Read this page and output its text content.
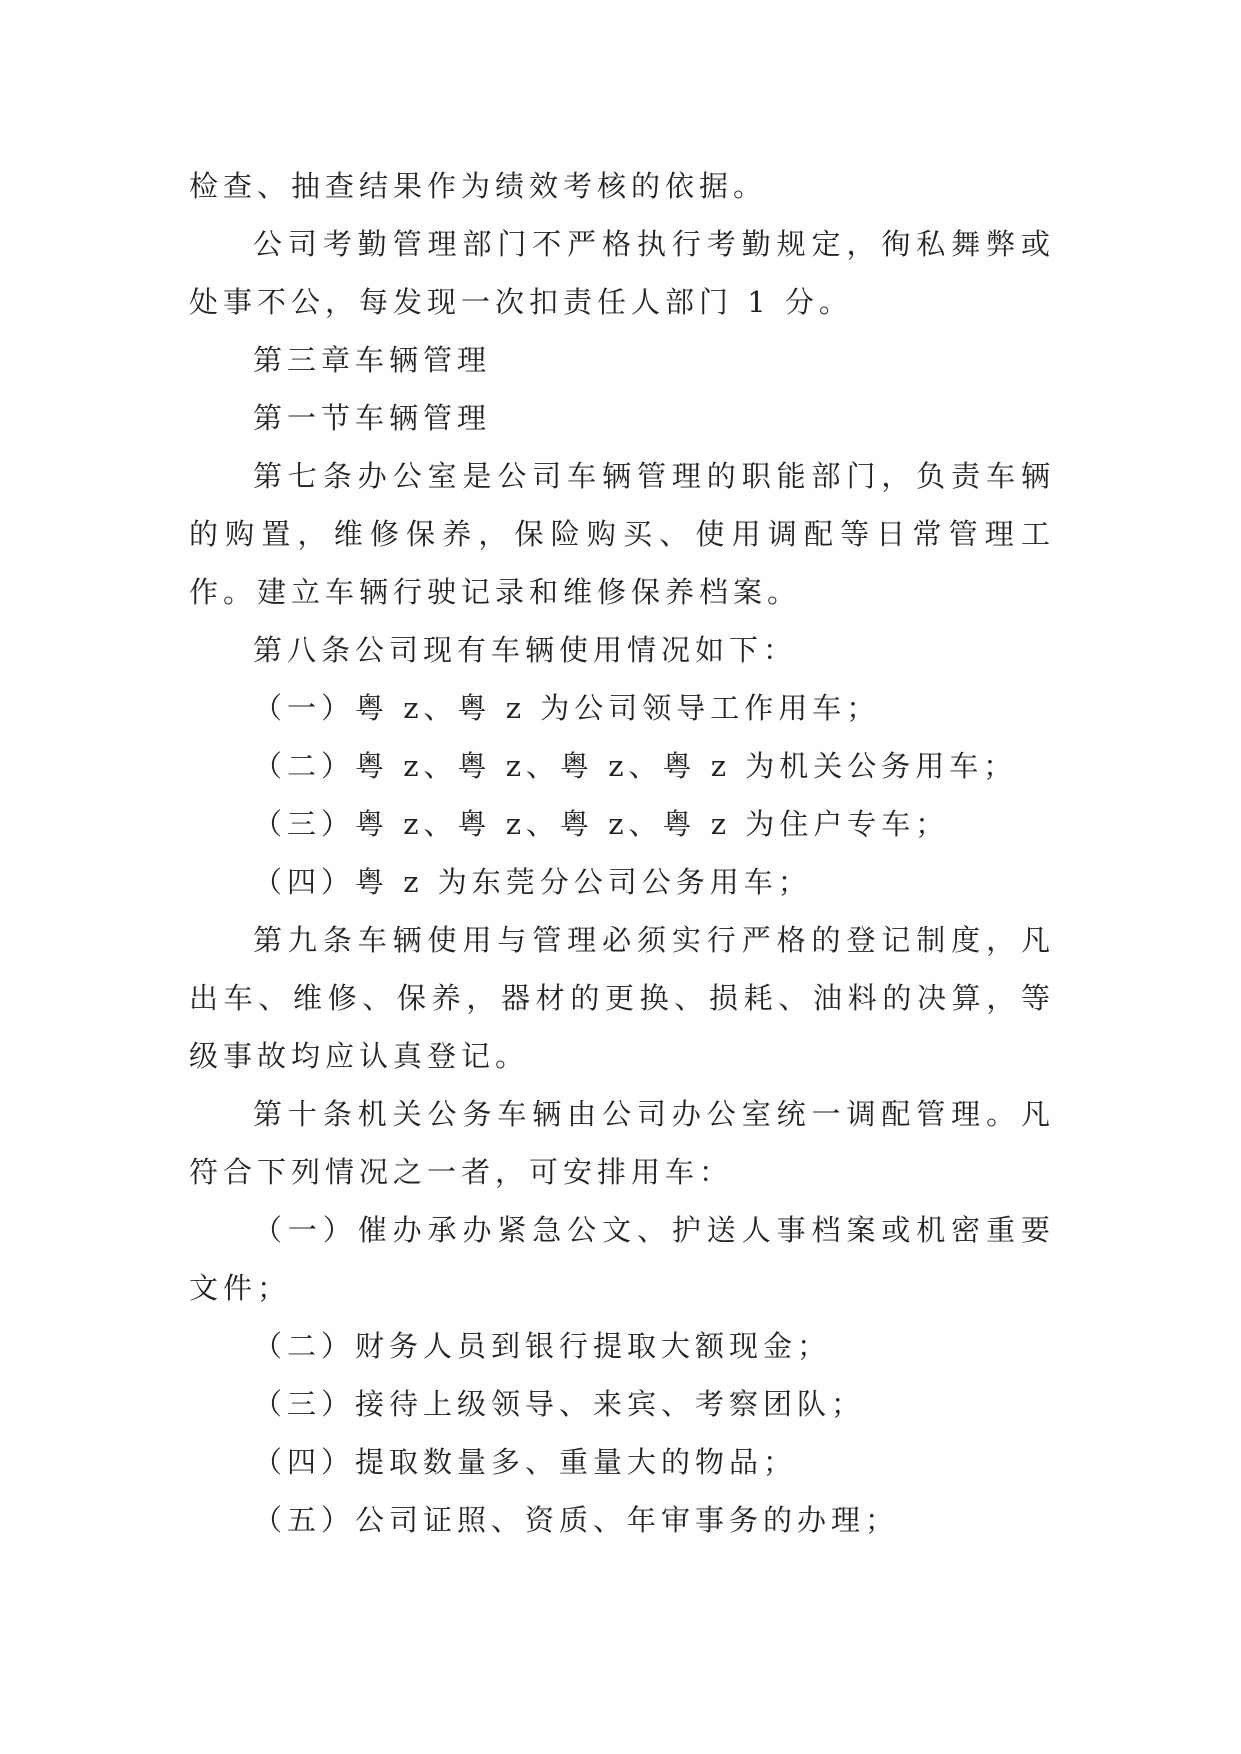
检查、抽查结果作为绩效考核的依据。

公司考勤管理部门不严格执行考勤规定，徇私舞弊或处事不公，每发现一次扣责任人部门 1 分。

第三章车辆管理

第一节车辆管理

第七条办公室是公司车辆管理的职能部门，负责车辆的购置，维修保养，保险购买、使用调配等日常管理工作。建立车辆行驶记录和维修保养档案。

第八条公司现有车辆使用情况如下：

（一）粤 z、粤 z 为公司领导工作用车；

（二）粤 z、粤 z、粤 z、粤 z 为机关公务用车；

（三）粤 z、粤 z、粤 z、粤 z 为住户专车；

（四）粤 z 为东莞分公司公务用车；

第九条车辆使用与管理必须实行严格的登记制度，凡出车、维修、保养，器材的更换、损耗、油料的决算，等级事故均应认真登记。

第十条机关公务车辆由公司办公室统一调配管理。凡符合下列情况之一者，可安排用车：

（一）催办承办紧急公文、护送人事档案或机密重要文件；

（二）财务人员到银行提取大额现金；

（三）接待上级领导、来宾、考察团队；

（四）提取数量多、重量大的物品；

（五）公司证照、资质、年审事务的办理；
